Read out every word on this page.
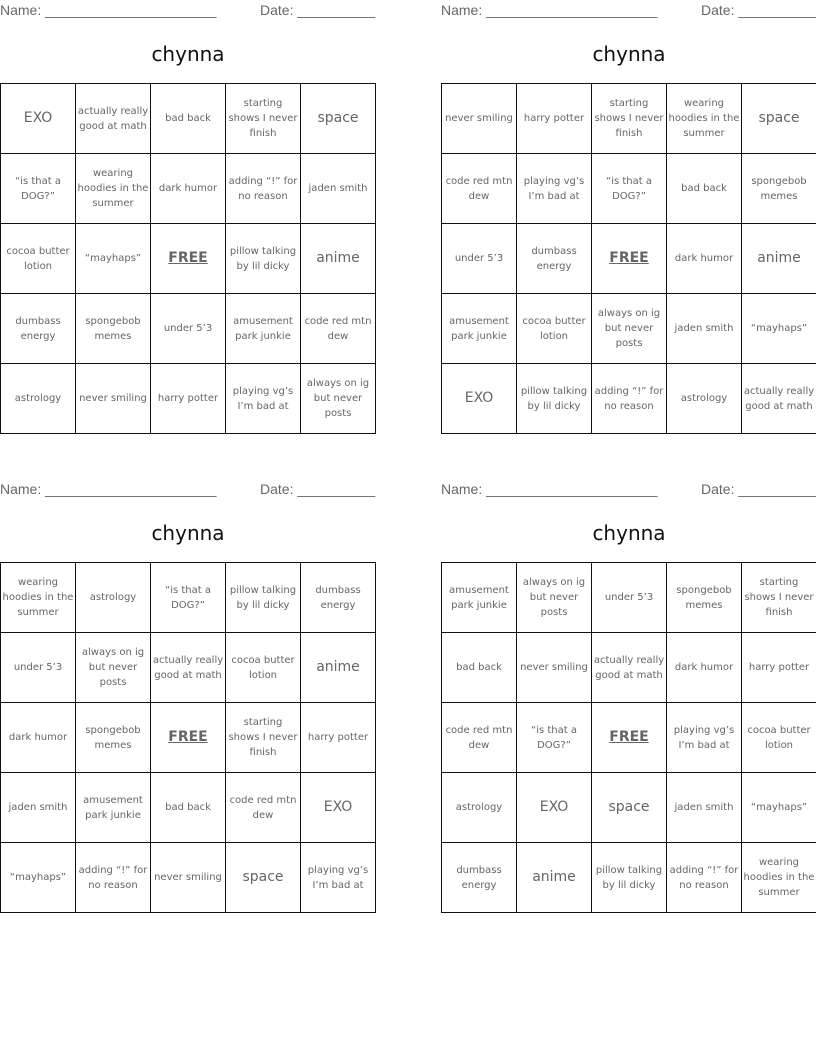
Name: ______________________	Date: __________
chynna
EXO	actually really good at math	bad back	starting shows I never finish	space
“is that a DOG?”	wearing hoodies in the summer	dark humor	adding “!” for no reason	jaden smith
cocoa butter lotion	“mayhaps”	FREE	pillow talking by lil dicky	anime
dumbass energy	spongebob memes	under 5’3	amusement park junkie	code red mtn dew
astrology	never smiling	harry potter	playing vg’s I’m bad at	always on ig but never posts
Name: ______________________	Date: __________
chynna
never smiling	harry potter	starting shows I never finish	wearing hoodies in the summer	space
code red mtn dew	playing vg’s I’m bad at	“is that a DOG?”	bad back	spongebob memes
under 5’3	dumbass energy	FREE	dark humor	anime
amusement park junkie	cocoa butter lotion	always on ig but never posts	jaden smith	“mayhaps”
EXO	pillow talking by lil dicky	adding “!” for no reason	astrology	actually really good at math
Name: ______________________	Date: __________
chynna
wearing hoodies in the summer	astrology	“is that a DOG?”	pillow talking by lil dicky	dumbass energy
under 5’3	always on ig but never posts	actually really good at math	cocoa butter lotion	anime
dark humor	spongebob memes	FREE	starting shows I never finish	harry potter
jaden smith	amusement park junkie	bad back	code red mtn dew	EXO
“mayhaps”	adding “!” for no reason	never smiling	space	playing vg’s I’m bad at
Name: ______________________	Date: __________
chynna
amusement park junkie	always on ig but never posts	under 5’3	spongebob memes	starting shows I never finish
bad back	never smiling	actually really good at math	dark humor	harry potter
code red mtn dew	“is that a DOG?”	FREE	playing vg’s I’m bad at	cocoa butter lotion
astrology	EXO	space	jaden smith	“mayhaps”
dumbass energy	anime	pillow talking by lil dicky	adding “!” for no reason	wearing hoodies in the summer
